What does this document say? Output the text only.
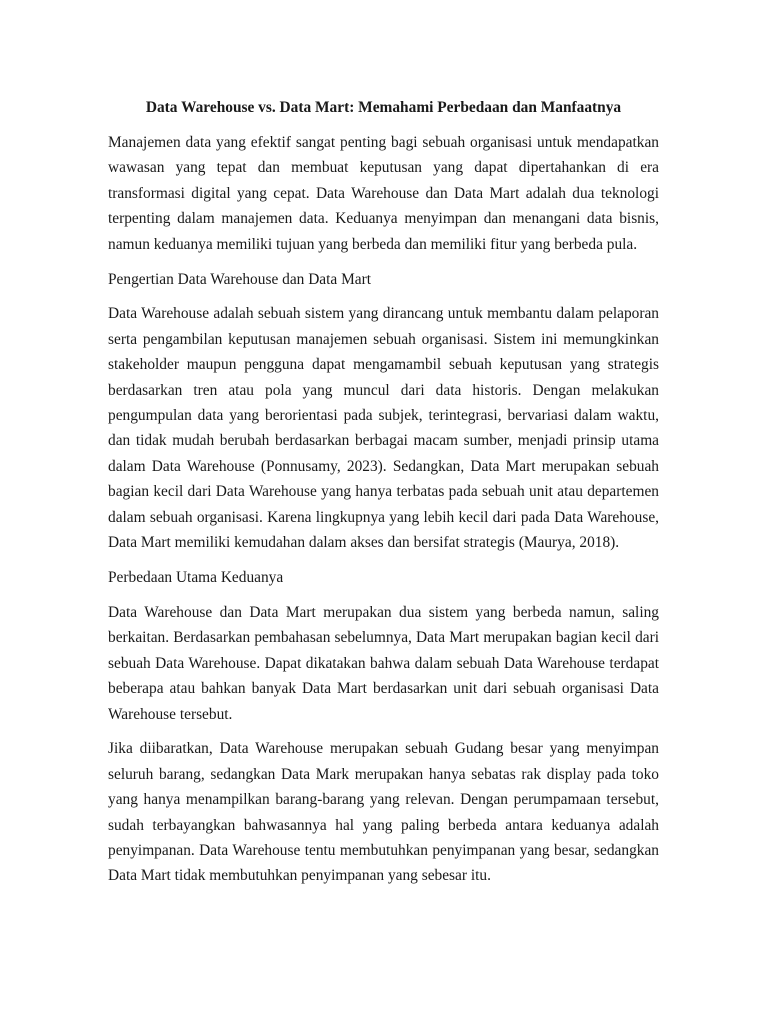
Data Warehouse vs. Data Mart: Memahami Perbedaan dan Manfaatnya

Manajemen data yang efektif sangat penting bagi sebuah organisasi untuk mendapatkan wawasan yang tepat dan membuat keputusan yang dapat dipertahankan di era transformasi digital yang cepat. Data Warehouse dan Data Mart adalah dua teknologi terpenting dalam manajemen data. Keduanya menyimpan dan menangani data bisnis, namun keduanya memiliki tujuan yang berbeda dan memiliki fitur yang berbeda pula.

Pengertian Data Warehouse dan Data Mart

Data Warehouse adalah sebuah sistem yang dirancang untuk membantu dalam pelaporan serta pengambilan keputusan manajemen sebuah organisasi. Sistem ini memungkinkan stakeholder maupun pengguna dapat mengamambil sebuah keputusan yang strategis berdasarkan tren atau pola yang muncul dari data historis. Dengan melakukan pengumpulan data yang berorientasi pada subjek, terintegrasi, bervariasi dalam waktu, dan tidak mudah berubah berdasarkan berbagai macam sumber, menjadi prinsip utama dalam Data Warehouse (Ponnusamy, 2023). Sedangkan, Data Mart merupakan sebuah bagian kecil dari Data Warehouse yang hanya terbatas pada sebuah unit atau departemen dalam sebuah organisasi. Karena lingkupnya yang lebih kecil dari pada Data Warehouse, Data Mart memiliki kemudahan dalam akses dan bersifat strategis (Maurya, 2018).

Perbedaan Utama Keduanya

Data Warehouse dan Data Mart merupakan dua sistem yang berbeda namun, saling berkaitan. Berdasarkan pembahasan sebelumnya, Data Mart merupakan bagian kecil dari sebuah Data Warehouse. Dapat dikatakan bahwa dalam sebuah Data Warehouse terdapat beberapa atau bahkan banyak Data Mart berdasarkan unit dari sebuah organisasi Data Warehouse tersebut.

Jika diibaratkan, Data Warehouse merupakan sebuah Gudang besar yang menyimpan seluruh barang, sedangkan Data Mark merupakan hanya sebatas rak display pada toko yang hanya menampilkan barang-barang yang relevan. Dengan perumpamaan tersebut, sudah terbayangkan bahwasannya hal yang paling berbeda antara keduanya adalah penyimpanan. Data Warehouse tentu membutuhkan penyimpanan yang besar, sedangkan Data Mart tidak membutuhkan penyimpanan yang sebesar itu.
